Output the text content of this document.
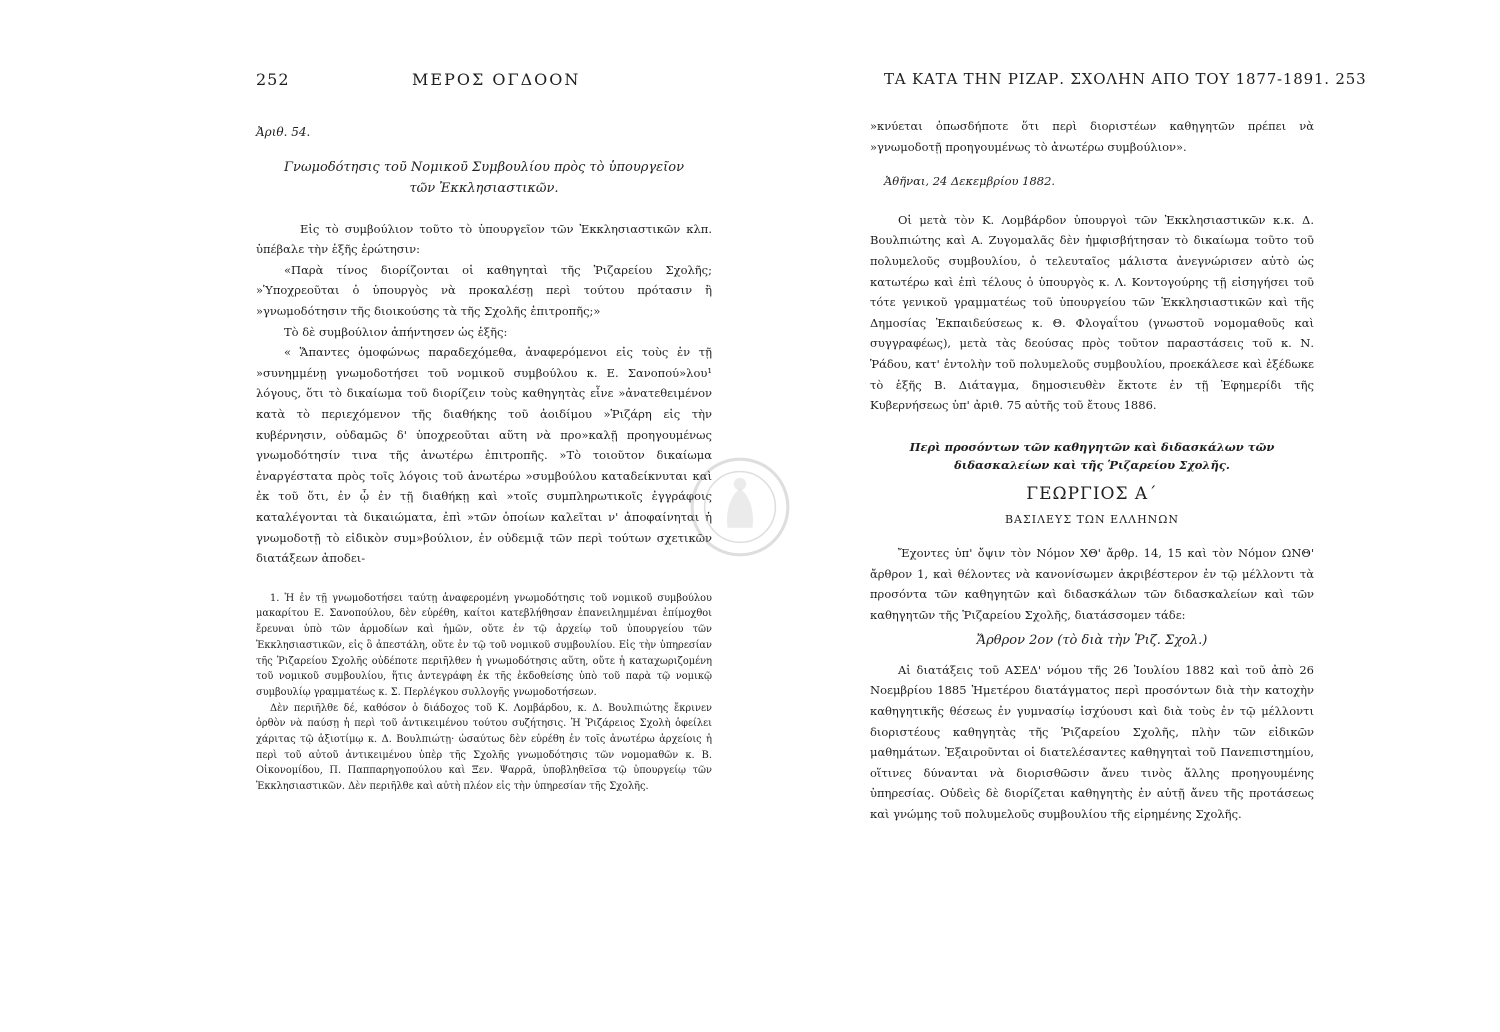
252	ΜΕΡΟΣ ΟΓΔΟΟΝ
Ἀριθ. 54.
Γνωμοδότησις τοῦ Νομικοῦ Συμβουλίου πρὸς τὸ ὑπουργεῖον
τῶν Ἐκκλησιαστικῶν.

Εἰς τὸ συμβούλιον τοῦτο τὸ ὑπουργεῖον τῶν Ἐκκλησιαστικῶν κλπ. ὑπέβαλε τὴν ἑξῆς ἐρώτησιν:

«Παρὰ τίνος διορίζονται οἱ καθηγηταὶ τῆς Ῥιζαρείου Σχολῆς; »Ὑποχρεοῦται ὁ ὑπουργὸς νὰ προκαλέσῃ περὶ τούτου πρότασιν ἢ »γνωμοδότησιν τῆς διοικούσης τὰ τῆς Σχολῆς ἐπιτροπῆς;»

Τὸ δὲ συμβούλιον ἀπήντησεν ὡς ἑξῆς:

« Ἅπαντες ὁμοφώνως παραδεχόμεθα, ἀναφερόμενοι εἰς τοὺς ἐν τῇ »συνημμένῃ γνωμοδοτήσει τοῦ νομικοῦ συμβούλου κ. Ε. Σανοπού»λου¹ λόγους, ὅτι τὸ δικαίωμα τοῦ διορίζειν τοὺς καθηγητὰς εἶνε »ἀνατεθειμένον κατὰ τὸ περιεχόμενον τῆς διαθήκης τοῦ ἀοιδίμου »Ῥιζάρη εἰς τὴν κυβέρνησιν, οὐδαμῶς δ' ὑποχρεοῦται αὕτη νὰ προ»καλῇ προηγουμένως γνωμοδότησίν τινα τῆς ἀνωτέρω ἐπιτροπῆς. »Τὸ τοιοῦτον δικαίωμα ἐναργέστατα πρὸς τοῖς λόγοις τοῦ ἀνωτέρω »συμβούλου καταδείκνυται καὶ ἐκ τοῦ ὅτι, ἐν ᾧ ἐν τῇ διαθήκῃ καὶ »τοῖς συμπληρωτικοῖς ἐγγράφοις καταλέγονται τὰ δικαιώματα, ἐπὶ »τῶν ὁποίων καλεῖται ν' ἀποφαίνηται ἡ γνωμοδοτῇ τὸ εἰδικὸν συμ»βούλιον, ἐν οὐδεμιᾷ τῶν περὶ τούτων σχετικῶν διατάξεων ἀποδει-

1. Ἡ ἐν τῇ γνωμοδοτήσει ταύτῃ ἀναφερομένη γνωμοδότησις τοῦ νομικοῦ συμβούλου μακαρίτου Ε. Σανοπούλου, δὲν εὑρέθη, καίτοι κατεβλήθησαν ἐπανειλημμέναι ἐπίμοχθοι ἔρευναι ὑπὸ τῶν ἁρμοδίων καὶ ἡμῶν, οὔτε ἐν τῷ ἀρχείῳ τοῦ ὑπουργείου τῶν Ἐκκλησιαστικῶν, εἰς ὃ ἀπεστάλη, οὔτε ἐν τῷ τοῦ νομικοῦ συμβουλίου. Εἰς τὴν ὑπηρεσίαν τῆς Ῥιζαρείου Σχολῆς οὐδέποτε περιῆλθεν ἡ γνωμοδότησις αὕτη, οὔτε ἡ καταχωριζομένη τοῦ νομικοῦ συμβουλίου, ἥτις ἀντεγράφη ἐκ τῆς ἐκδοθείσης ὑπὸ τοῦ παρὰ τῷ νομικῷ συμβουλίῳ γραμματέως κ. Σ. Περλέγκου συλλογῆς γνωμοδοτήσεων.

Δὲν περιῆλθε δέ, καθόσον ὁ διάδοχος τοῦ Κ. Λομβάρδου, κ. Δ. Βουλπιώτης ἔκρινεν ὀρθὸν νὰ παύσῃ ἡ περὶ τοῦ ἀντικειμένου τούτου συζήτησις. Ἡ Ῥιζάρειος Σχολὴ ὀφείλει χάριτας τῷ ἀξιοτίμῳ κ. Δ. Βουλπιώτῃ· ὡσαύτως δὲν εὑρέθη ἐν τοῖς ἀνωτέρω ἀρχείοις ἡ περὶ τοῦ αὐτοῦ ἀντικειμένου ὑπὲρ τῆς Σχολῆς γνωμοδότησις τῶν νομομαθῶν κ. Β. Οἰκονομίδου, Π. Παππαρηγοπούλου καὶ Ξεν. Ψαρρᾶ, ὑποβληθεῖσα τῷ ὑπουργείῳ τῶν Ἐκκλησιαστικῶν. Δὲν περιῆλθε καὶ αὐτὴ πλέον εἰς τὴν ὑπηρεσίαν τῆς Σχολῆς.

ΤΑ ΚΑΤΑ ΤΗΝ ΡΙΖΑΡ. ΣΧΟΛΗΝ ΑΠΟ ΤΟΥ 1877-1891. 253

»κνύεται ὁπωσδήποτε ὅτι περὶ διοριστέων καθηγητῶν πρέπει νὰ »γνωμοδοτῇ προηγουμένως τὸ ἀνωτέρω συμβούλιον».

Ἀθῆναι, 24 Δεκεμβρίου 1882.

Οἱ μετὰ τὸν Κ. Λομβάρδον ὑπουργοὶ τῶν Ἐκκλησιαστικῶν κ.κ. Δ. Βουλπιώτης καὶ Α. Ζυγομαλᾶς δὲν ἠμφισβήτησαν τὸ δικαίωμα τοῦτο τοῦ πολυμελοῦς συμβουλίου, ὁ τελευταῖος μάλιστα ἀνεγνώρισεν αὐτὸ ὡς κατωτέρω καὶ ἐπὶ τέλους ὁ ὑπουργὸς κ. Λ. Κοντογούρης τῇ εἰσηγήσει τοῦ τότε γενικοῦ γραμματέως τοῦ ὑπουργείου τῶν Ἐκκλησιαστικῶν καὶ τῆς Δημοσίας Ἐκπαιδεύσεως κ. Θ. Φλογαΐτου (γνωστοῦ νομομαθοῦς καὶ συγγραφέως), μετὰ τὰς δεούσας πρὸς τοῦτον παραστάσεις τοῦ κ. Ν. Ῥάδου, κατ' ἐντολὴν τοῦ πολυμελοῦς συμβουλίου, προεκάλεσε καὶ ἐξέδωκε τὸ ἑξῆς Β. Διάταγμα, δημοσιευθὲν ἔκτοτε ἐν τῇ Ἐφημερίδι τῆς Κυβερνήσεως ὑπ' ἀριθ. 75 αὐτῆς τοῦ ἔτους 1886.

Περὶ προσόντων τῶν καθηγητῶν καὶ διδασκάλων τῶν διδασκαλείων καὶ τῆς Ῥιζαρείου Σχολῆς.
ΓΕΩΡΓΙΟΣ Α΄
ΒΑΣΙΛΕΥΣ ΤΩΝ ΕΛΛΗΝΩΝ

Ἔχοντες ὑπ' ὄψιν τὸν Νόμον ΧΘ' ἄρθρ. 14, 15 καὶ τὸν Νόμον ΩΝΘ' ἄρθρον 1, καὶ θέλοντες νὰ κανονίσωμεν ἀκριβέστερον ἐν τῷ μέλλοντι τὰ προσόντα τῶν καθηγητῶν καὶ διδασκάλων τῶν διδασκαλείων καὶ τῶν καθηγητῶν τῆς Ῥιζαρείου Σχολῆς, διατάσσομεν τάδε:

Ἄρθρον 2ον (τὸ διὰ τὴν Ῥιζ. Σχολ.)

Αἱ διατάξεις τοῦ ΑΣΕΔ' νόμου τῆς 26 Ἰουλίου 1882 καὶ τοῦ ἀπὸ 26 Νοεμβρίου 1885 Ἡμετέρου διατάγματος περὶ προσόντων διὰ τὴν κατοχὴν καθηγητικῆς θέσεως ἐν γυμνασίῳ ἰσχύουσι καὶ διὰ τοὺς ἐν τῷ μέλλοντι διοριστέους καθηγητὰς τῆς Ῥιζαρείου Σχολῆς, πλὴν τῶν εἰδικῶν μαθημάτων. Ἐξαιροῦνται οἱ διατελέσαντες καθηγηταὶ τοῦ Πανεπιστημίου, οἵτινες δύνανται νὰ διορισθῶσιν ἄνευ τινὸς ἄλλης προηγουμένης ὑπηρεσίας. Οὐδεὶς δὲ διορίζεται καθηγητὴς ἐν αὐτῇ ἄνευ τῆς προτάσεως καὶ γνώμης τοῦ πολυμελοῦς συμβουλίου τῆς εἰρημένης Σχολῆς.
